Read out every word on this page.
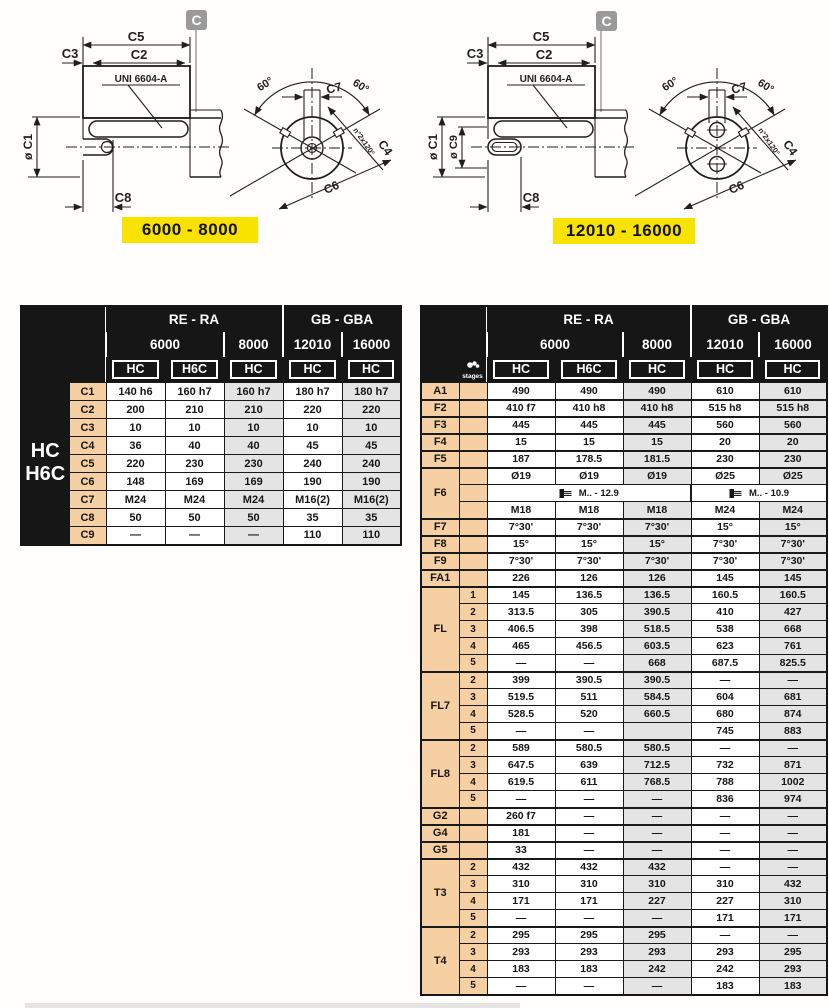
C5
C3	C2
UNI 6604-A
ø C1
C8
60°	60°
C7
C4
n°2x120°
C6
C
6000 - 8000
C5
C3	C2
UNI 6604-A
ø C1 ø C9
C8
60°	60°
C7
C4
n°2x120°
C6
C
12010 - 16000
		RE - RA			GB - GBA	
		6000		8000	12010	16000

		HC	H6C	HC	HC	HC

HC
H6C	C1	140 h6	160 h7	160 h7	180 h7	180 h7
	C2	200	210	210	220	220
	C3	10	10	10	10	10
	C4	36	40	40	45	45
	C5	220	230	230	240	240
	C6	148	169	169	190	190
	C7	M24	M24	M24	M16(2)	M16(2)
	C8	50	50	50	35	35
	C9	—	—	—	110	110

	stages	RE - RA			GB - GBA	
		6000		8000	12010	16000

		HC	H6C	HC	HC	HC

A1		490	490	490	610	610
F2		410 f7	410 h8	410 h8	515 h8	515 h8
F3		445	445	445	560	560
F4		15	15	15	20	20
F5		187	178.5	181.5	230	230
F6		Ø19	Ø19	Ø19	Ø25	Ø25

		M.. - 12.9			M.. - 10.9	

		M18	M18	M18	M24	M24
F7		7°30'	7°30'	7°30'	15°	15°
F8		15°	15°	15°	7°30'	7°30'
F9		7°30'	7°30'	7°30'	7°30'	7°30'
FA1		226	126	126	145	145
FL	1	145	136.5	136.5	160.5	160.5
	2	313.5	305	390.5	410	427
	3	406.5	398	518.5	538	668
	4	465	456.5	603.5	623	761
	5	—	—	668	687.5	825.5
FL7	2	399	390.5	390.5	—	—
	3	519.5	511	584.5	604	681
	4	528.5	520	660.5	680	874
	5	—	—		745	883
FL8	2	589	580.5	580.5	—	—
	3	647.5	639	712.5	732	871
	4	619.5	611	768.5	788	1002
	5	—	—	—	836	974
G2		260 f7	—	—	—	—
G4		181	—	—	—	—
G5		33	—	—	—	—
T3	2	432	432	432	—	—
	3	310	310	310	310	432
	4	171	171	227	227	310
	5	—	—	—	171	171
T4	2	295	295	295	—	—
	3	293	293	293	293	295
	4	183	183	242	242	293
	5	—	—	—	183	183
